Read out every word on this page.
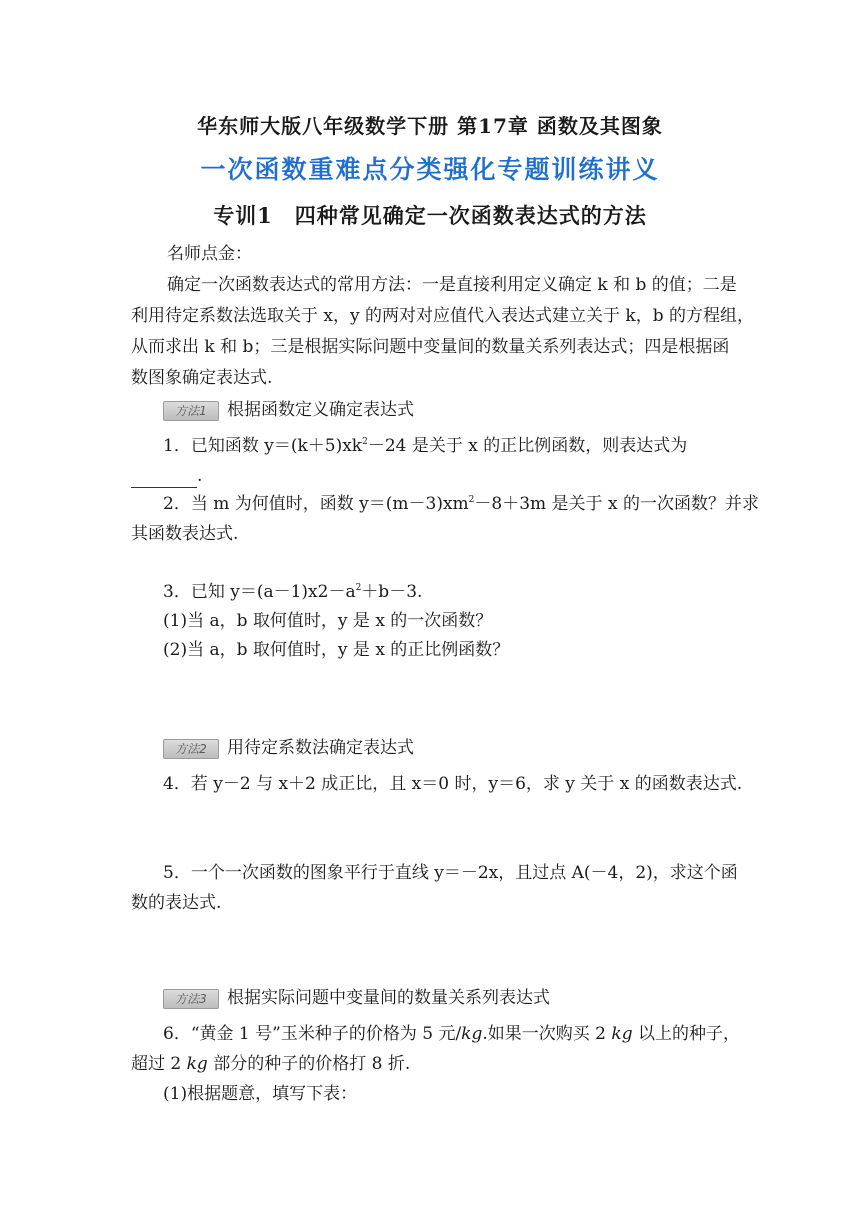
华东师大版八年级数学下册 第17章 函数及其图象
一次函数重难点分类强化专题训练讲义
专训1　四种常见确定一次函数表达式的方法
名师点金：
确定一次函数表达式的常用方法：一是直接利用定义确定 k 和 b 的值；二是
利用待定系数法选取关于 x，y 的两对对应值代入表达式建立关于 k，b 的方程组，
从而求出 k 和 b；三是根据实际问题中变量间的数量关系列表达式；四是根据函
数图象确定表达式.
方法1 根据函数定义确定表达式
1．已知函数 $y=(k+5)xk^2-24$ 是关于 x 的正比例函数，则表达式为
.
2．当 m 为何值时，函数 $y=(m-3)xm^2-8+3m$ 是关于 x 的一次函数？并求
其函数表达式.
3．已知 $y=(a-1)x2-a^2+b-3$.
(1)当 a，b 取何值时，y 是 x 的一次函数？
(2)当 a，b 取何值时，y 是 x 的正比例函数？
方法2 用待定系数法确定表达式
4．若 y－2 与 x＋2 成正比，且 x＝0 时，y＝6，求 y 关于 x 的函数表达式.
5．一个一次函数的图象平行于直线 y＝－2x，且过点 A(－4，2)，求这个函
数的表达式.
方法3 根据实际问题中变量间的数量关系列表达式
6．“黄金 1 号”玉米种子的价格为 5 元/kg.如果一次购买 2 kg 以上的种子，
超过 2 kg 部分的种子的价格打 8 折.
(1)根据题意，填写下表：
